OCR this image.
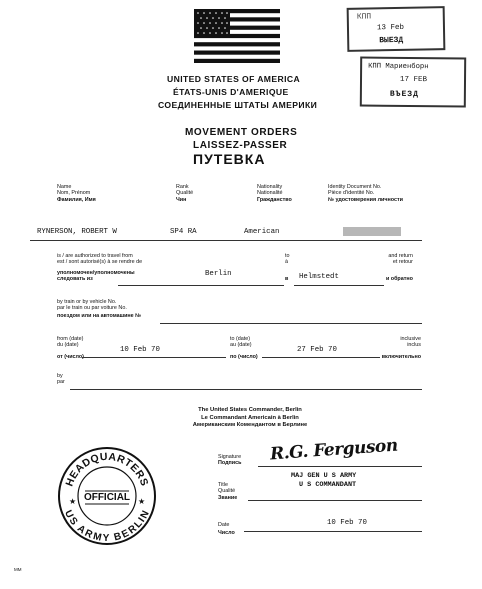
КПП
13 Feb
ВЫЕЗД
КПП Мариенборн
17 FEB
ВЪЕЗД
UNITED STATES OF AMERICA
ÉTATS-UNIS D'AMERIQUE
СОЕДИНЕННЫЕ ШТАТЫ АМЕРИКИ
MOVEMENT ORDERS
LAISSEZ-PASSER
ПУТЕВКА
Name
Nom, Prénom
Фамилия, Имя
Rank
Qualité
Чин
Nationality
Nationalité
Гражданство
Identity Document No.
Pièce d'identité No.
№ удостоверения личности
RYNERSON, ROBERT W	SP4 RA	American
is / are authorized to travel from
est / sont autorisé(s) à se rendre de
уполномочен/уполномочены
следовать из
Berlin
to
à
в Helmstedt
and return
et retour
и обратно
by train or by vehicle No.
par le train ou par voiture No.
поездом или на автомашине №
from (date)
du (date)
от (число)
10 Feb 70
to (date)
au (date)
по (число)
27 Feb 70
inclusive
inclus
включительно
by
par
The United States Commander, Berlin
Le Commandant Americain à Berlin
Американским Комендантом в Берлине
HEADQUARTERS
US ARMY BERLIN
OFFICIAL
★	★
Signature
Подпись R.G. Ferguson
MAJ GEN U S ARMY
U S COMMANDANT
Title
Qualité
Звание
Date
Число
10 Feb 70
MM
